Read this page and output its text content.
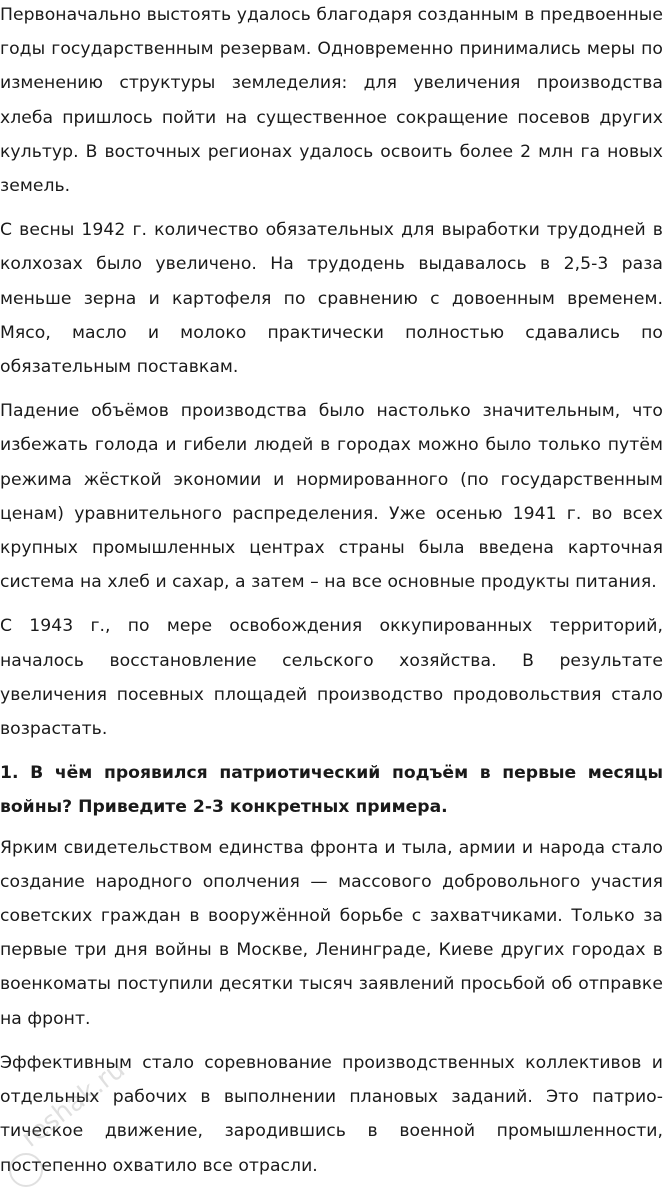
Первоначально выстоять удалось благодаря созданным в предвоенные годы государственным резервам. Одновременно принимались меры по изменению структуры земледелия: для увеличения производства хлеба пришлось пойти на существенное сокращение посевов других культур. В восточных регионах удалось освоить более 2 млн га новых земель.

С весны 1942 г. количество обязательных для выработки трудодней в колхозах было увеличено. На трудодень выдавалось в 2,5-3 раза меньше зерна и картофеля по сравнению с довоенным временем. Мясо, масло и молоко практически полностью сдавались по обязательным поставкам.

Падение объёмов производства было настолько значительным, что избежать голода и гибели людей в городах можно было только путём режима жёсткой экономии и нормированного (по государственным ценам) уравнительного распределения. Уже осенью 1941 г. во всех крупных промышленных центрах страны была введена карточная система на хлеб и сахар, а затем – на все основные продукты питания.

С 1943 г., по мере освобождения оккупированных территорий, началось восстановление сельского хозяйства. В результате увеличения посевных площадей производство продовольствия стало возрастать.

1. В чём проявился патриотический подъём в первые месяцы войны? Приведите 2-3 конкретных примера.

Ярким свидетельством единства фронта и тыла, армии и народа стало создание народного ополчения — массового добровольного участия советских граждан в вооружённой борьбе с захватчиками. Только за первые три дня войны в Москве, Ленинграде, Киеве других городах в военкоматы поступили десятки тысяч заявлений просьбой об отправке на фронт.

Эффективным стало соревнование производственных коллективов и отдельных рабочих в выполнении плановых заданий. Это патрио-тическое движение, зародившись в военной промышленности, постепенно охватило все отрасли.

reshak.ru
